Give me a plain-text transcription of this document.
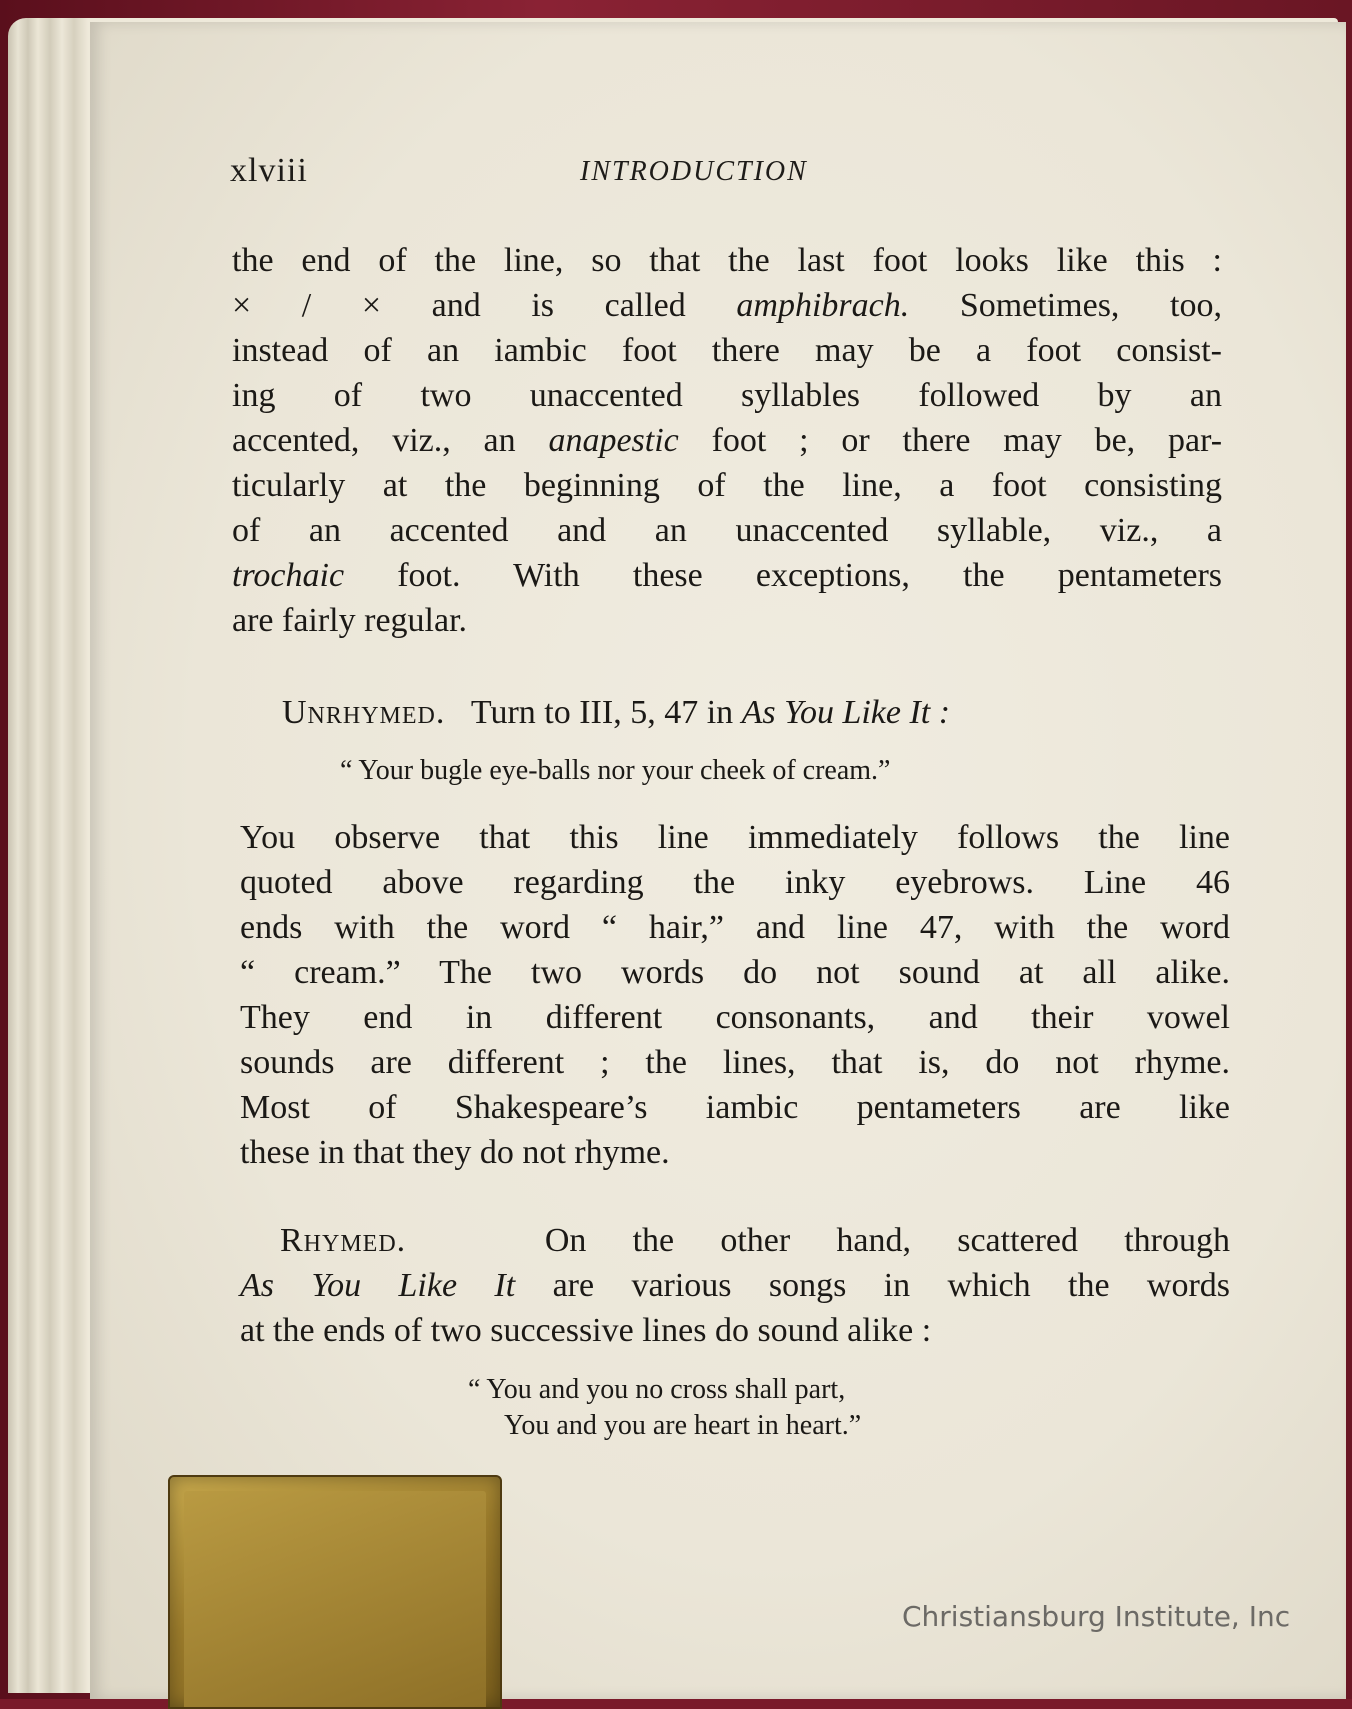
xlviii	INTRODUCTION
the end of the line, so that the last foot looks like this :
× / × and is called amphibrach. Sometimes, too,
instead of an iambic foot there may be a foot consist-
ing of two unaccented syllables followed by an
accented, viz., an anapestic foot ; or there may be, par-
ticularly at the beginning of the line, a foot consisting
of an accented and an unaccented syllable, viz., a
trochaic foot. With these exceptions, the pentameters
are fairly regular.
Unrhymed. Turn to III, 5, 47 in As You Like It :

“ Your bugle eye-balls nor your cheek of cream.”

You observe that this line immediately follows the line
quoted above regarding the inky eyebrows. Line 46
ends with the word “ hair,” and line 47, with the word
“ cream.” The two words do not sound at all alike.
They end in different consonants, and their vowel
sounds are different ; the lines, that is, do not rhyme.
Most of Shakespeare’s iambic pentameters are like
these in that they do not rhyme.
Rhymed.	On the other hand, scattered through
As You Like It are various songs in which the words
at the ends of two successive lines do sound alike :

“ You and you no cross shall part,
You and you are heart in heart.”

Christiansburg Institute, Inc
